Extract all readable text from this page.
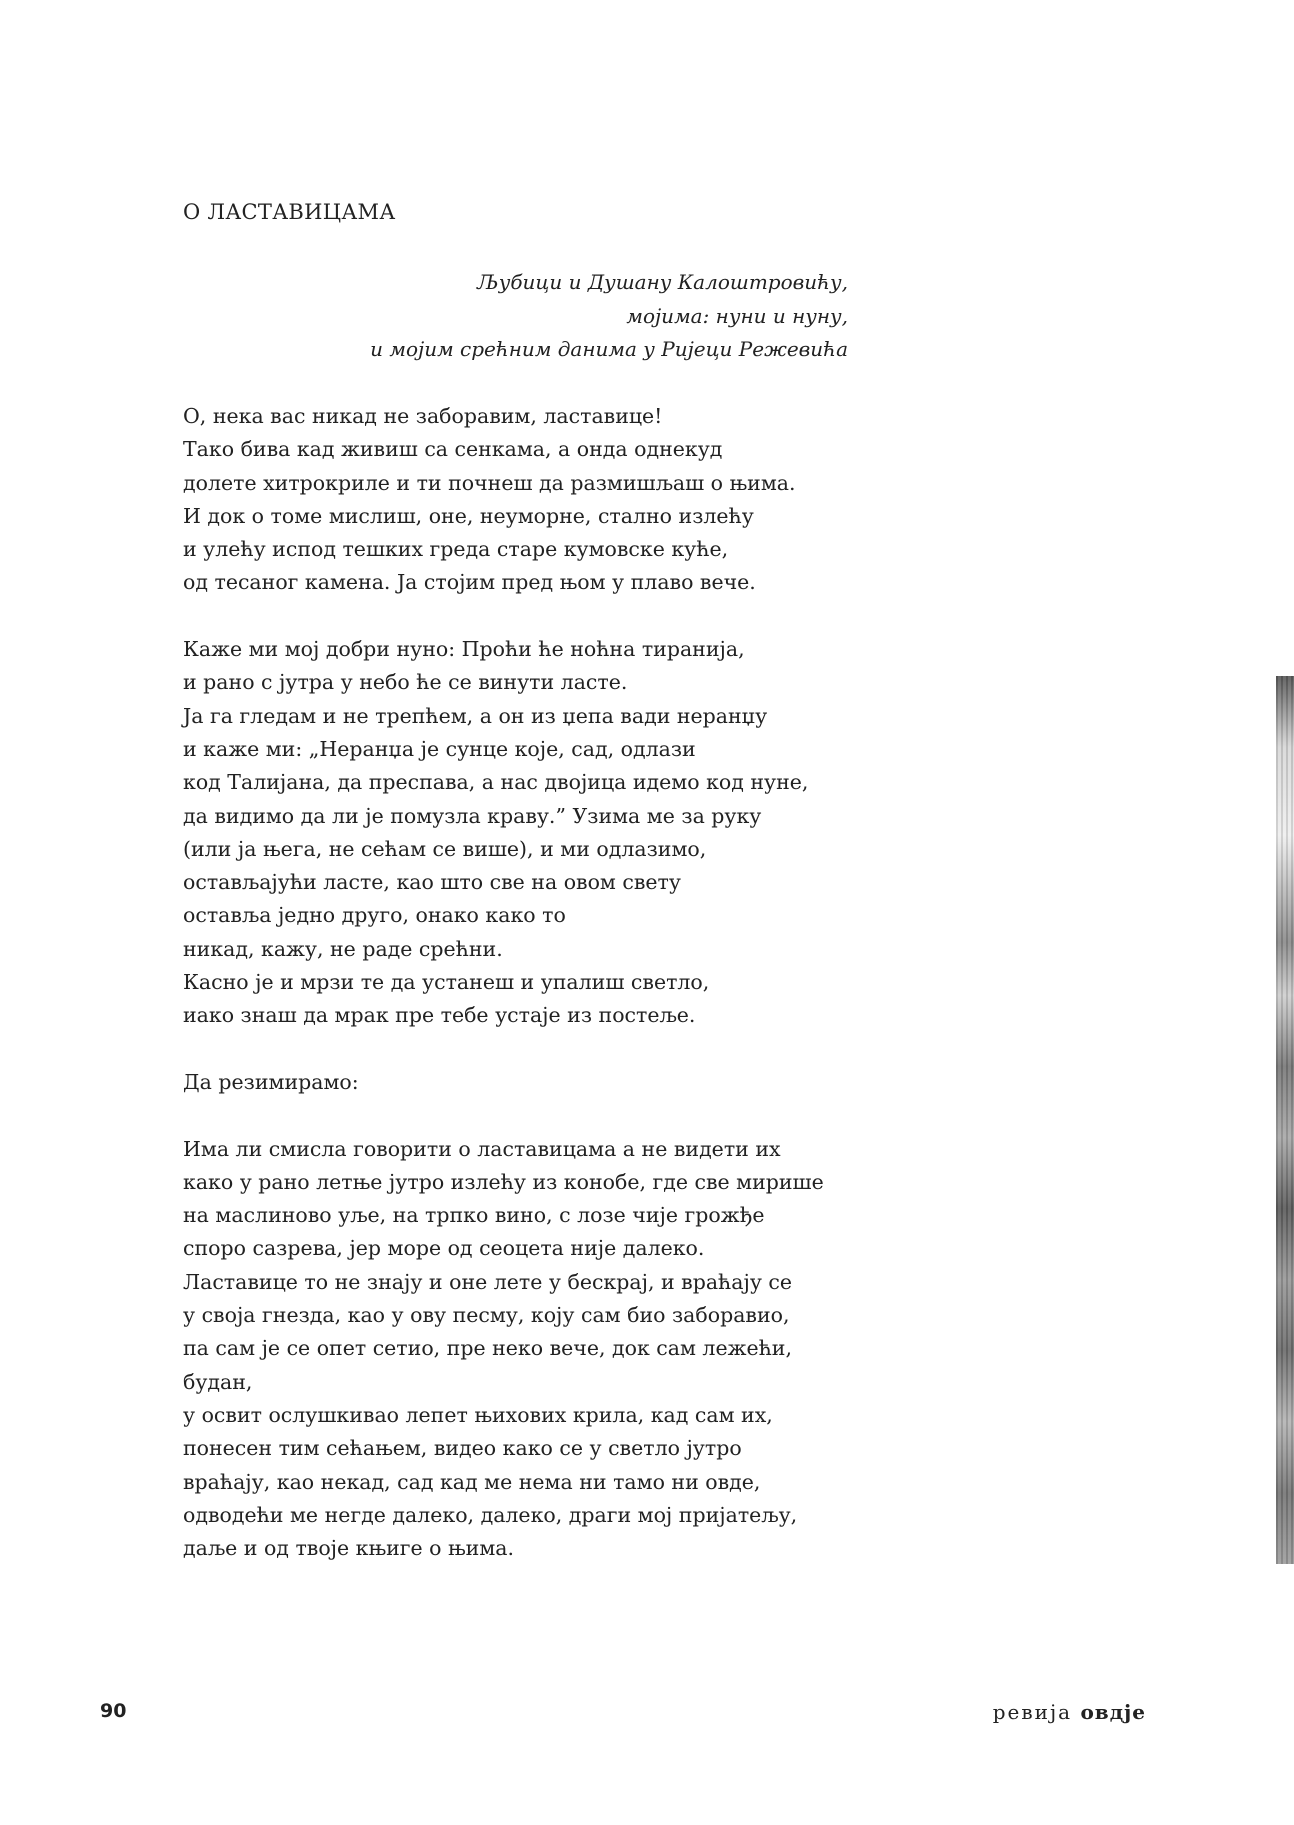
О ЛАСТАВИЦАМА
Љубици и Душану Калоштровићу,
мојима: нуни и нуну,
и мојим срећним данима у Ријеци Режевића
О, нека вас никад не заборавим, ластавице!
Тако бива кад живиш са сенкама, а онда однекуд
долете хитрокриле и ти почнеш да размишљаш о њима.
И док о томе мислиш, оне, неуморне, стално излећу
и улећу испод тешких греда старе кумовске куће,
од тесаног камена. Ја стојим пред њом у плаво вече.
Каже ми мој добри нуно: Проћи ће ноћна тиранија,
и рано с јутра у небо ће се винути ласте.
Ја га гледам и не трепћем, а он из џепа вади неранџу
и каже ми: „Неранџа је сунце које, сад, одлази
код Талијана, да преспава, а нас двојица идемо код нуне,
да видимо да ли је помузла краву.” Узима ме за руку
(или ја њега, не сећам се више), и ми одлазимо,
остављајући ласте, као што све на овом свету
оставља једно друго, онако како то
никад, кажу, не раде срећни.
Касно је и мрзи те да устанеш и упалиш светло,
иако знаш да мрак пре тебе устаје из постеље.
Да резимирамо:
Има ли смисла говорити о ластавицама а не видети их
како у рано летње јутро излећу из конобе, где све мирише
на маслиново уље, на трпко вино, с лозе чије грожђе
споро сазрева, јер море од сеоцета није далеко.
Ластавице то не знају и оне лете у бескрај, и враћају се
у своја гнезда, као у ову песму, коју сам био заборавио,
па сам је се опет сетио, пре неко вече, док сам лежећи,
будан,
у освит ослушкивао лепет њихових крила, кад сам их,
понесен тим сећањем, видео како се у светло јутро
враћају, као некад, сад кад ме нема ни тамо ни овде,
одводећи ме негде далеко, далеко, драги мој пријатељу,
даље и од твоје књиге о њима.
90	ревија овдје
